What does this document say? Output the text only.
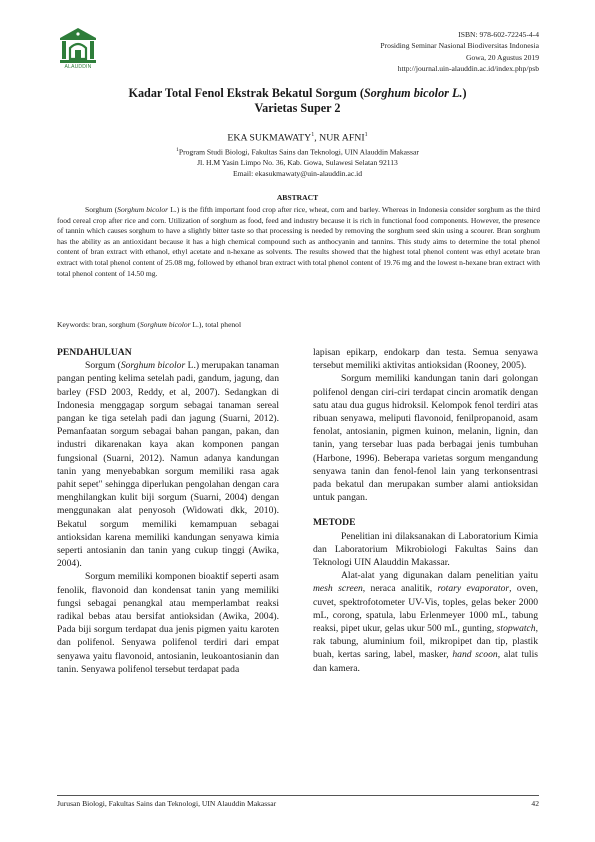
ALAUDDIN
ISBN: 978-602-72245-4-4
Prosiding Seminar Nasional Biodiversitas Indonesia
Gowa, 20 Agustus 2019
http://journal.uin-alauddin.ac.id/index.php/psb
Kadar Total Fenol Ekstrak Bekatul Sorgum (Sorghum bicolor L.)
Varietas Super 2
EKA SUKMAWATY$^1$, NUR AFNI$^1$
$^1$Program Studi Biologi, Fakultas Sains dan Teknologi, UIN Alauddin Makassar
Jl. H.M Yasin Limpo No. 36, Kab. Gowa, Sulawesi Selatan 92113
Email: ekasukmawaty@uin-alauddin.ac.id
ABSTRACT
Sorghum (Sorghum bicolor L.) is the fifth important food crop after rice, wheat, corn and barley. Whereas in Indonesia consider sorghum as the third food cereal crop after rice and corn. Utilization of sorghum as food, feed and industry because it is rich in functional food components. However, the presence of tannin which causes sorghum to have a slightly bitter taste so that processing is needed by removing the sorghum seed skin using a scourer. Bran sorghum has the ability as an antioxidant because it has a high chemical compound such as anthocyanin and tannins. This study aims to determine the total phenol content of bran extract with ethanol, ethyl acetate and n-hexane as solvents. The results showed that the highest total phenol content was ethyl acetate bran extract with total phenol content of 25.08 mg, followed by ethanol bran extract with total phenol content of 19.76 mg and the lowest n-hexane bran extract with total phenol content of 14.50 mg.
Keywords: bran, sorghum (Sorghum bicolor L.), total phenol
PENDAHULUAN

Sorgum (Sorghum bicolor L.) merupakan tanaman pangan penting kelima setelah padi, gandum, jagung, dan barley (FSD 2003, Reddy, et al, 2007). Sedangkan di Indonesia menggagap sorgum sebagai tanaman sereal pangan ke tiga setelah padi dan jagung (Suarni, 2012). Pemanfaatan sorgum sebagai bahan pangan, pakan, dan industri dikarenakan kaya akan komponen pangan fungsional (Suarni, 2012). Namun adanya kandungan tanin yang menyebabkan sorgum memiliki rasa agak pahit sepet" sehingga diperlukan pengolahan dengan cara menghilangkan kulit biji sorgum (Suarni, 2004) dengan menggunakan alat penyosoh (Widowati dkk, 2010). Bekatul sorgum memiliki kemampuan sebagai antioksidan karena memiliki kandungan senyawa kimia seperti antosianin dan tanin yang cukup tinggi (Awika, 2004).

Sorgum memiliki komponen bioaktif seperti asam fenolik, flavonoid dan kondensat tanin yang memiliki fungsi sebagai penangkal atau memperlambat reaksi radikal bebas atau bersifat antioksidan (Awika, 2004). Pada biji sorgum terdapat dua jenis pigmen yaitu karoten dan polifenol. Senyawa polifenol terdiri dari empat senyawa yaitu flavonoid, antosianin, leukoantosianin dan tanin. Senyawa polifenol tersebut terdapat pada

lapisan epikarp, endokarp dan testa. Semua senyawa tersebut memiliki aktivitas antioksidan (Rooney, 2005).

Sorgum memiliki kandungan tanin dari golongan polifenol dengan ciri-ciri terdapat cincin aromatik dengan satu atau dua gugus hidroksil. Kelompok fenol terdiri atas ribuan senyawa, meliputi flavonoid, fenilpropanoid, asam fenolat, antosianin, pigmen kuinon, melanin, lignin, dan tanin, yang tersebar luas pada berbagai jenis tumbuhan (Harbone, 1996). Beberapa varietas sorgum mengandung senyawa tanin dan fenol-fenol lain yang terkonsentrasi pada bekatul dan merupakan sumber alami antioksidan untuk pangan.

METODE

Penelitian ini dilaksanakan di Laboratorium Kimia dan Laboratorium Mikrobiologi Fakultas Sains dan Teknologi UIN Alauddin Makassar.

Alat-alat yang digunakan dalam penelitian yaitu mesh screen, neraca analitik, rotary evaporator, oven, cuvet, spektrofotometer UV-Vis, toples, gelas beker 2000 mL, corong, spatula, labu Erlenmeyer 1000 mL, tabung reaksi, pipet ukur, gelas ukur 500 mL, gunting, stopwatch, rak tabung, aluminium foil, mikropipet dan tip, plastik buah, kertas saring, label, masker, hand scoon, alat tulis dan kamera.

Jurusan Biologi, Fakultas Sains dan Teknologi, UIN Alauddin Makassar	42
